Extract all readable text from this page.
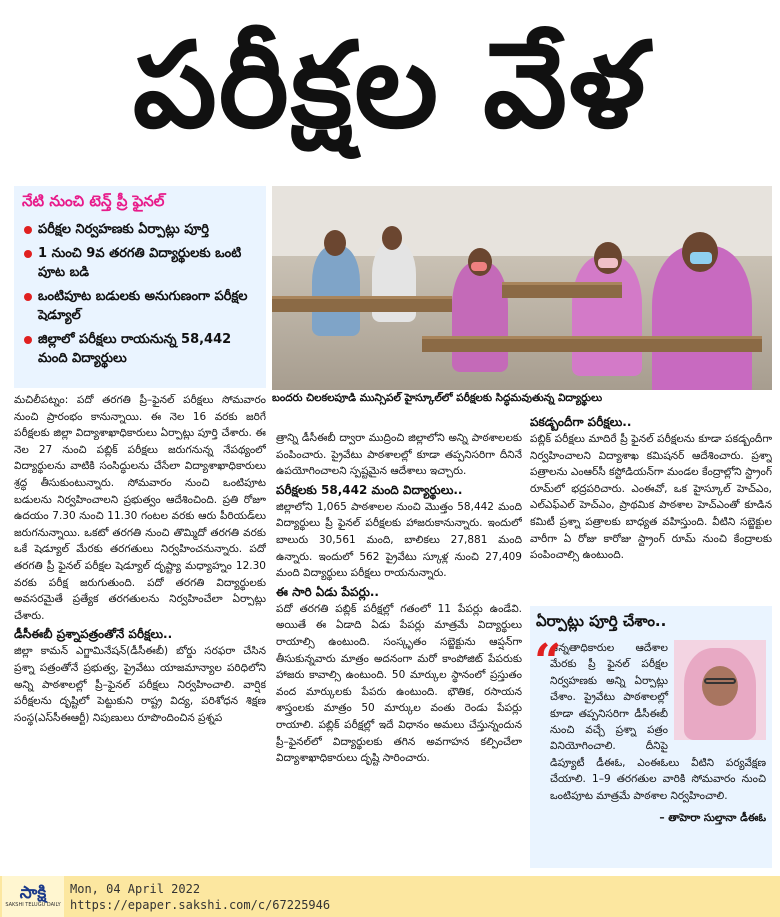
పరీక్షల వేళ
నేటి నుంచి టెన్త్ ప్రీ ఫైనల్
పరీక్షల నిర్వహణకు ఏర్పాట్లు పూర్తి
1 నుంచి 9వ తరగతి విద్యార్థులకు ఒంటి పూట బడి
ఒంటిపూట బడులకు అనుగుణంగా పరీక్షల షెడ్యూల్
జిల్లాలో పరీక్షలు రాయనున్న 58,442 మంది విద్యార్థులు
బందరు చిలకలపూడి మున్సిపల్ హైస్కూల్‌లో పరీక్షలకు సిద్ధమవుతున్న విద్యార్థులు

మచిలీపట్నం: పదో తరగతి ప్రీ–ఫైనల్ పరీక్షలు సోమవారం నుంచి ప్రారంభం కానున్నాయి. ఈ నెల 16 వరకు జరిగే పరీక్షలకు జిల్లా విద్యాశాఖాధికారులు ఏర్పాట్లు పూర్తి చేశారు. ఈ నెల 27 నుంచి పబ్లిక్ పరీక్షలు జరుగనున్న నేపథ్యంలో విద్యార్థులను వాటికి సంసిద్ధులను చేసేలా విద్యాశాఖాధికారులు శ్రద్ధ తీసుకుంటున్నారు. సోమవారం నుంచి ఒంటిపూట బడులను నిర్వహించాలని ప్రభుత్వం ఆదేశించింది. ప్రతి రోజూ ఉదయం 7.30 నుంచి 11.30 గంటల వరకు ఆరు పీరియడ్‌లు జరుగనున్నాయి. ఒకటో తరగతి నుంచి తొమ్మిదో తరగతి వరకు ఒకే షెడ్యూల్ మేరకు తరగతులు నిర్వహించనున్నారు. పదో తరగతి ప్రీ ఫైనల్ పరీక్షల షెడ్యూల్ దృష్ట్యా మధ్యాహ్నం 12.30 వరకు పరీక్ష జరుగుతుంది. పదో తరగతి విద్యార్థులకు అవసరమైతే ప్రత్యేక తరగతులను నిర్వహించేలా ఏర్పాట్లు చేశారు.

డీసీఈబీ ప్రశ్నాపత్రంతోనే పరీక్షలు..

జిల్లా కామన్ ఎగ్జామినేషన్(డీసీఈబీ) బోర్డు సరఫరా చేసిన ప్రశ్నా పత్రంతోనే ప్రభుత్వ, ప్రైవేటు యాజమాన్యాల పరిధిలోని అన్ని పాఠశాలల్లో ప్రీ–ఫైనల్ పరీక్షలు నిర్వహించాలి. వార్షిక పరీక్షలను దృష్టిలో పెట్టుకుని రాష్ట్ర విద్య, పరిశోధన శిక్షణ సంస్థ(ఎస్‌సీఈఆర్టీ) నిపుణులు రూపొందించిన ప్రశ్నప

త్రాన్ని డీసీఈబీ ద్వారా ముద్రించి జిల్లాలోని అన్ని పాఠశాలలకు పంపించారు. ప్రైవేటు పాఠశాలల్లో కూడా తప్పనిసరిగా దీనినే ఉపయోగించాలని స్పష్టమైన ఆదేశాలు ఇచ్చారు.

పరీక్షలకు 58,442 మంది విద్యార్థులు..

జిల్లాలోని 1,065 పాఠశాలల నుంచి మొత్తం 58,442 మంది విద్యార్థులు ప్రీ ఫైనల్ పరీక్షలకు హాజరుకానున్నారు. ఇందులో బాలురు 30,561 మంది, బాలికలు 27,881 మంది ఉన్నారు. ఇందులో 562 ప్రైవేటు స్కూళ్ల నుంచి 27,409 మంది విద్యార్థులు పరీక్షలు రాయనున్నారు.

ఈ సారి ఏడు పేపర్లు..

పదో తరగతి పబ్లిక్ పరీక్షల్లో గతంలో 11 పేపర్లు ఉండేవి. అయితే ఈ ఏడాది ఏడు పేపర్లు మాత్రమే విద్యార్థులు రాయాల్సి ఉంటుంది. సంస్కృతం సబ్జెక్టును ఆప్షన్‌గా తీసుకున్నవారు మాత్రం అదనంగా మరో కాంపోజిట్ పేపరుకు హాజరు కావాల్సి ఉంటుంది. 50 మార్కుల స్థానంలో ప్రస్తుతం వంద మార్కులకు పేపరు ఉంటుంది. భౌతిక, రసాయన శాస్త్రంలకు మాత్రం 50 మార్కుల వంతు రెండు పేపర్లు రాయాలి. పబ్లిక్ పరీక్షల్లో ఇదే విధానం అమలు చేస్తున్నందున ప్రీ–ఫైనల్‌లో విద్యార్థులకు తగిన అవగాహన కల్పించేలా విద్యాశాఖాధికారులు దృష్టి సారించారు.

పకడ్బందీగా పరీక్షలు..

పబ్లిక్ పరీక్షలు మాదిరే ప్రీ ఫైనల్ పరీక్షలను కూడా పకడ్బందీగా నిర్వహించాలని విద్యాశాఖ కమిషనర్ ఆదేశించారు. ప్రశ్నా పత్రాలను ఎంఆర్‌సీ కస్టోడియన్‌గా మండల కేంద్రాల్లోని స్ట్రాంగ్ రూమ్‌లో భద్రపరిచారు. ఎంఈవో, ఒక హైస్కూల్ హెచ్‌ఎం, ఎల్‌ఎఫ్‌ఎల్ హెచ్‌ఎం, ప్రాథమిక పాఠశాల హెచ్‌ఎంతో కూడిన కమిటీ ప్రశ్నా పత్రాలకు బాధ్యత వహిస్తుంది. వీటిని సబ్జెక్టుల వారీగా ఏ రోజు కారోజు స్ట్రాంగ్ రూమ్ నుంచి కేంద్రాలకు పంపించాల్సి ఉంటుంది.

ఏర్పాట్లు పూర్తి చేశాం..
“
ఉన్నతాధికారుల ఆదేశాల మేరకు ప్రీ ఫైనల్ పరీక్షల నిర్వహణకు అన్ని ఏర్పాట్లు చేశాం. ప్రైవేటు పాఠశాలల్లో కూడా తప్పనిసరిగా డీసీఈబీ నుంచి వచ్చే ప్రశ్నా పత్రం వినియోగించాలి. దీనిపై డిప్యూటీ డీఈఓ, ఎంఈఓలు వీటిని పర్యవేక్షణ చేయాలి. 1–9 తరగతుల వారికి సోమవారం నుంచి ఒంటిపూట మాత్రమే పాఠశాల నిర్వహించాలి.
– తాహెరా సుల్తానా డీఈఓ
సాక్షి
SAKSHI TELUGU DAILY
Mon, 04 April 2022
https://epaper.sakshi.com/c/67225946
